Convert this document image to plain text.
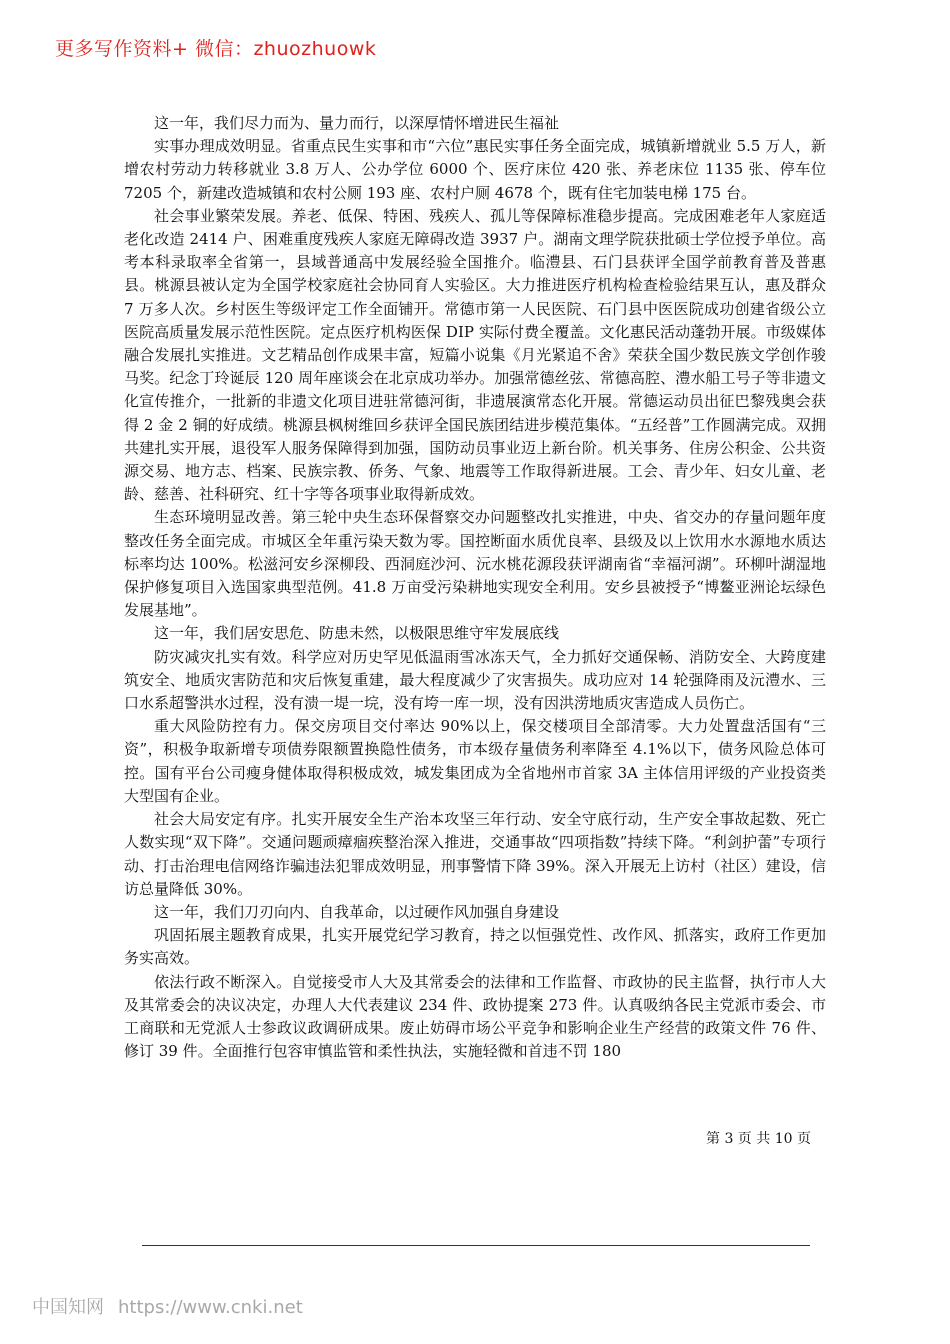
更多写作资料+ 微信：zhuozhuowk

这一年，我们尽力而为、量力而行，以深厚情怀增进民生福祉

实事办理成效明显。省重点民生实事和市“六位”惠民实事任务全面完成，城镇新增就业 5.5 万人，新增农村劳动力转移就业 3.8 万人、公办学位 6000 个、医疗床位 420 张、养老床位 1135 张、停车位 7205 个，新建改造城镇和农村公厕 193 座、农村户厕 4678 个，既有住宅加装电梯 175 台。

社会事业繁荣发展。养老、低保、特困、残疾人、孤儿等保障标准稳步提高。完成困难老年人家庭适老化改造 2414 户、困难重度残疾人家庭无障碍改造 3937 户。湖南文理学院获批硕士学位授予单位。高考本科录取率全省第一，县域普通高中发展经验全国推介。临澧县、石门县获评全国学前教育普及普惠县。桃源县被认定为全国学校家庭社会协同育人实验区。大力推进医疗机构检查检验结果互认，惠及群众 7 万多人次。乡村医生等级评定工作全面铺开。常德市第一人民医院、石门县中医医院成功创建省级公立医院高质量发展示范性医院。定点医疗机构医保 DIP 实际付费全覆盖。文化惠民活动蓬勃开展。市级媒体融合发展扎实推进。文艺精品创作成果丰富，短篇小说集《月光紧追不舍》荣获全国少数民族文学创作骏马奖。纪念丁玲诞辰 120 周年座谈会在北京成功举办。加强常德丝弦、常德高腔、澧水船工号子等非遗文化宣传推介，一批新的非遗文化项目进驻常德河街，非遗展演常态化开展。常德运动员出征巴黎残奥会获得 2 金 2 铜的好成绩。桃源县枫树维回乡获评全国民族团结进步模范集体。“五经普”工作圆满完成。双拥共建扎实开展，退役军人服务保障得到加强，国防动员事业迈上新台阶。机关事务、住房公积金、公共资源交易、地方志、档案、民族宗教、侨务、气象、地震等工作取得新进展。工会、青少年、妇女儿童、老龄、慈善、社科研究、红十字等各项事业取得新成效。

生态环境明显改善。第三轮中央生态环保督察交办问题整改扎实推进，中央、省交办的存量问题年度整改任务全面完成。市城区全年重污染天数为零。国控断面水质优良率、县级及以上饮用水水源地水质达标率均达 100%。松滋河安乡深柳段、西洞庭沙河、沅水桃花源段获评湖南省“幸福河湖”。环柳叶湖湿地保护修复项目入选国家典型范例。41.8 万亩受污染耕地实现安全利用。安乡县被授予“博鳌亚洲论坛绿色发展基地”。

这一年，我们居安思危、防患未然，以极限思维守牢发展底线

防灾减灾扎实有效。科学应对历史罕见低温雨雪冰冻天气，全力抓好交通保畅、消防安全、大跨度建筑安全、地质灾害防范和灾后恢复重建，最大程度减少了灾害损失。成功应对 14 轮强降雨及沅澧水、三口水系超警洪水过程，没有溃一堤一垸，没有垮一库一坝，没有因洪涝地质灾害造成人员伤亡。

重大风险防控有力。保交房项目交付率达 90%以上，保交楼项目全部清零。大力处置盘活国有“三资”，积极争取新增专项债券限额置换隐性债务，市本级存量债务利率降至 4.1%以下，债务风险总体可控。国有平台公司瘦身健体取得积极成效，城发集团成为全省地州市首家 3A 主体信用评级的产业投资类大型国有企业。

社会大局安定有序。扎实开展安全生产治本攻坚三年行动、安全守底行动，生产安全事故起数、死亡人数实现“双下降”。交通问题顽瘴痼疾整治深入推进，交通事故“四项指数”持续下降。“利剑护蕾”专项行动、打击治理电信网络诈骗违法犯罪成效明显，刑事警情下降 39%。深入开展无上访村（社区）建设，信访总量降低 30%。

这一年，我们刀刃向内、自我革命，以过硬作风加强自身建设

巩固拓展主题教育成果，扎实开展党纪学习教育，持之以恒强党性、改作风、抓落实，政府工作更加务实高效。

依法行政不断深入。自觉接受市人大及其常委会的法律和工作监督、市政协的民主监督，执行市人大及其常委会的决议决定，办理人大代表建议 234 件、政协提案 273 件。认真吸纳各民主党派市委会、市工商联和无党派人士参政议政调研成果。废止妨碍市场公平竞争和影响企业生产经营的政策文件 76 件、修订 39 件。全面推行包容审慎监管和柔性执法，实施轻微和首违不罚 180

第 3 页 共 10 页
中国知网 https://www.cnki.net
